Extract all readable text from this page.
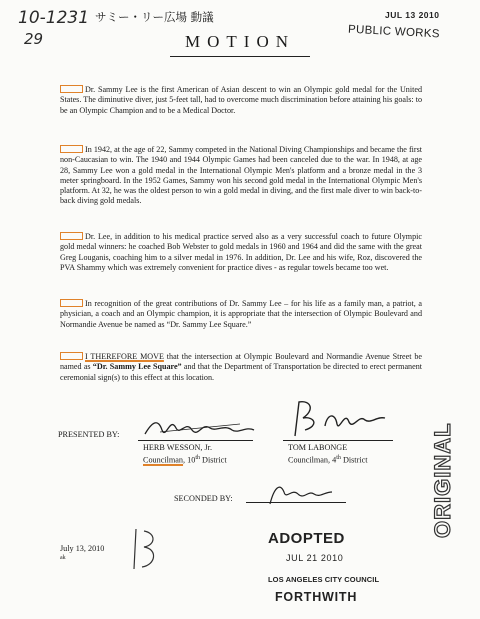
10-1231
29
サミー・リー広場 動議	JUL 13 2010
PUBLIC WORKS
MOTION
Dr. Sammy Lee is the first American of Asian descent to win an Olympic gold medal for the United States. The diminutive diver, just 5-feet tall, had to overcome much discrimination before attaining his goals: to be an Olympic Champion and to be a Medical Doctor.
In 1942, at the age of 22, Sammy competed in the National Diving Championships and became the first non-Caucasian to win. The 1940 and 1944 Olympic Games had been canceled due to the war. In 1948, at age 28, Sammy Lee won a gold medal in the International Olympic Men's platform and a bronze medal in the 3 meter springboard. In the 1952 Games, Sammy won his second gold medal in the International Olympic Men's platform. At 32, he was the oldest person to win a gold medal in diving, and the first male diver to win back-to-back diving gold medals.
Dr. Lee, in addition to his medical practice served also as a very successful coach to future Olympic gold medal winners: he coached Bob Webster to gold medals in 1960 and 1964 and did the same with the great Greg Louganis, coaching him to a silver medal in 1976. In addition, Dr. Lee and his wife, Roz, discovered the PVA Shammy which was extremely convenient for practice dives - as regular towels became too wet.
In recognition of the great contributions of Dr. Sammy Lee – for his life as a family man, a patriot, a physician, a coach and an Olympic champion, it is appropriate that the intersection of Olympic Boulevard and Normandie Avenue be named as “Dr. Sammy Lee Square.”
I THEREFORE MOVE that the intersection at Olympic Boulevard and Normandie Avenue Street be named as “Dr. Sammy Lee Square” and that the Department of Transportation be directed to erect permanent ceremonial sign(s) to this effect at this location.
PRESENTED BY:
HERB WESSON, Jr.
Councilman, 10th District
TOM LABONGE
Councilman, 4th District
SECONDED BY:
July 13, 2010
ak
ADOPTED
JUL 21 2010
LOS ANGELES CITY COUNCIL
FORTHWITH
ORIGINAL
